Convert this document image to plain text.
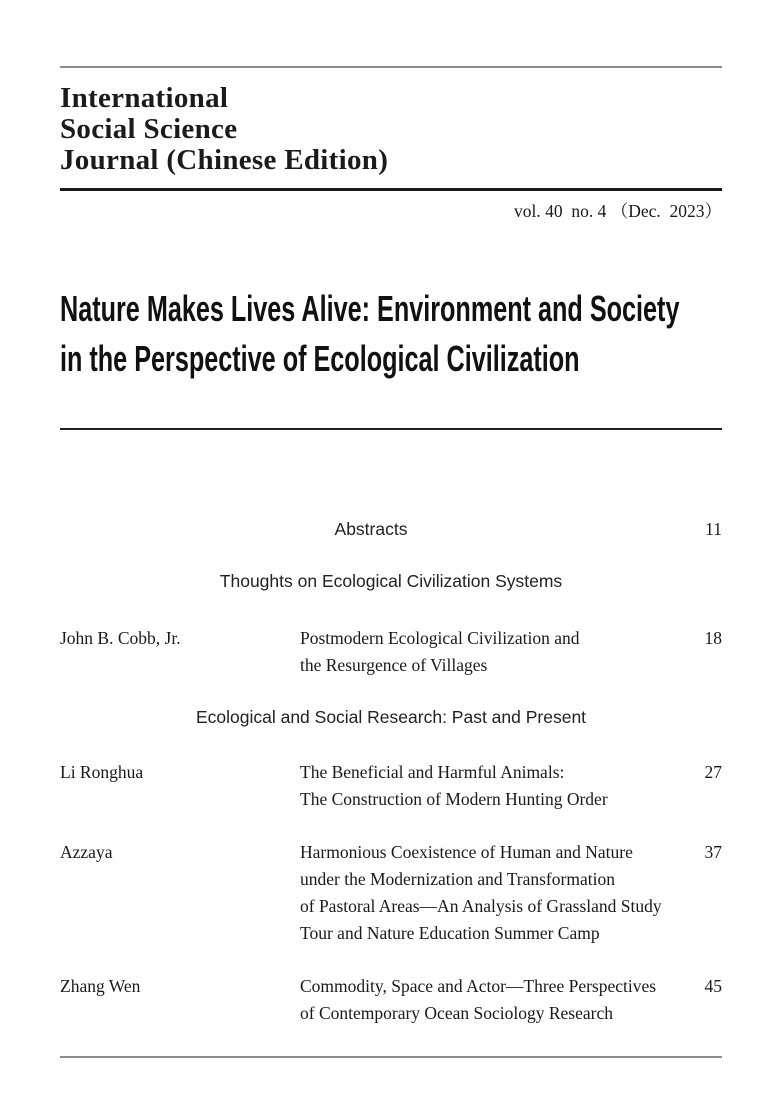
International
Social Science
Journal (Chinese Edition)
vol. 40  no. 4 （Dec.  2023）
Nature Makes Lives Alive: Environment and Society
in the Perspective of Ecological Civilization
Abstracts	11
Thoughts on Ecological Civilization Systems
John B. Cobb, Jr.	Postmodern Ecological Civilization and
the Resurgence of Villages
18
Ecological and Social Research: Past and Present
Li Ronghua	The Beneficial and Harmful Animals:
The Construction of Modern Hunting Order
27
Azzaya	Harmonious Coexistence of Human and Nature
under the Modernization and Transformation
of Pastoral Areas—An Analysis of Grassland Study
Tour and Nature Education Summer Camp
37
Zhang Wen	Commodity, Space and Actor—Three Perspectives
of Contemporary Ocean Sociology Research
45
